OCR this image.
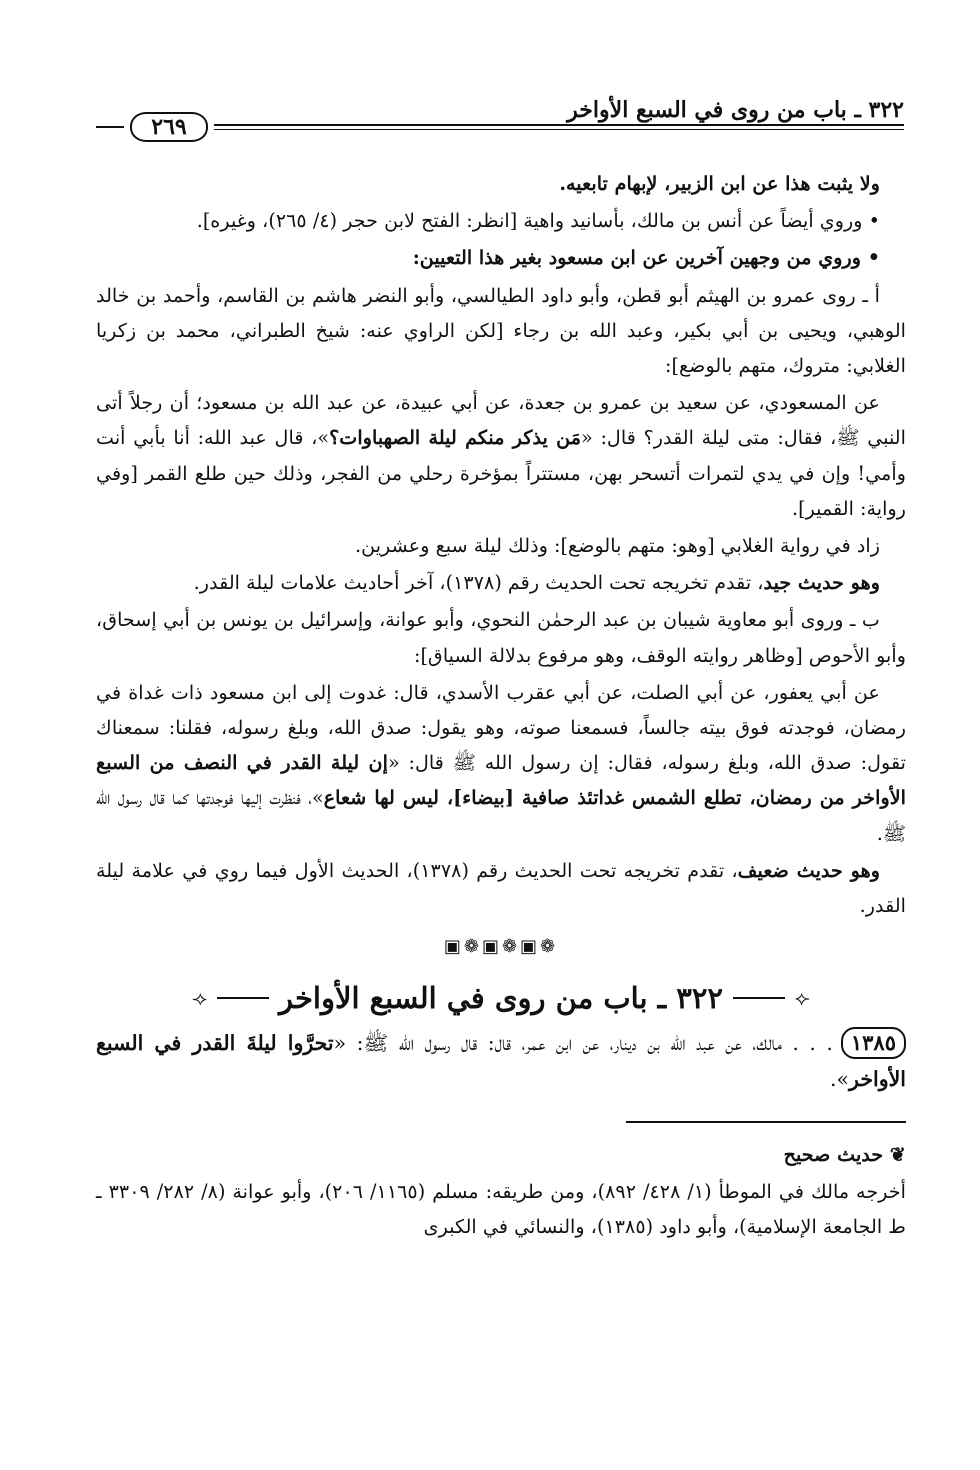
٣٢٢ ـ باب من روى في السبع الأواخر
٢٦٩

ولا يثبت هذا عن ابن الزبير، لإبهام تابعيه.

• وروي أيضاً عن أنس بن مالك، بأسانيد واهية [انظر: الفتح لابن حجر (٤/ ٢٦٥)، وغيره].

• وروي من وجهين آخرين عن ابن مسعود بغير هذا التعيين:

أ ـ روى عمرو بن الهيثم أبو قطن، وأبو داود الطيالسي، وأبو النضر هاشم بن القاسم، وأحمد بن خالد الوهبي، ويحيى بن أبي بكير، وعبد الله بن رجاء [لكن الراوي عنه: شيخ الطبراني، محمد بن زكريا الغلابي: متروك، متهم بالوضع]:

عن المسعودي، عن سعيد بن عمرو بن جعدة، عن أبي عبيدة، عن عبد الله بن مسعود؛ أن رجلاً أتى النبي ﷺ، فقال: متى ليلة القدر؟ قال: «مَن يذكر منكم ليلة الصهباوات؟»، قال عبد الله: أنا بأبي أنت وأمي! وإن في يدي لتمرات أتسحر بهن، مستتراً بمؤخرة رحلي من الفجر، وذلك حين طلع القمر [وفي رواية: القمير].

زاد في رواية الغلابي [وهو: متهم بالوضع]: وذلك ليلة سبع وعشرين.

وهو حديث جيد، تقدم تخريجه تحت الحديث رقم (١٣٧٨)، آخر أحاديث علامات ليلة القدر.

ب ـ وروى أبو معاوية شيبان بن عبد الرحمٰن النحوي، وأبو عوانة، وإسرائيل بن يونس بن أبي إسحاق، وأبو الأحوص [وظاهر روايته الوقف، وهو مرفوع بدلالة السياق]:

عن أبي يعفور، عن أبي الصلت، عن أبي عقرب الأسدي، قال: غدوت إلى ابن مسعود ذات غداة في رمضان، فوجدته فوق بيته جالساً، فسمعنا صوته، وهو يقول: صدق الله، وبلغ رسوله، فقلنا: سمعناك تقول: صدق الله، وبلغ رسوله، فقال: إن رسول الله ﷺ قال: «إن ليلة القدر في النصف من السبع الأواخر من رمضان، تطلع الشمس غداتئذ صافية [بيضاء]، ليس لها شعاع»، فنظرت إليها فوجدتها كما قال رسول الله ﷺ.

وهو حديث ضعيف، تقدم تخريجه تحت الحديث رقم (١٣٧٨)، الحديث الأول فيما روي في علامة ليلة القدر.

❁▣❁▣❁▣
⟢
٣٢٢ ـ باب من روى في السبع الأواخر
⟣

١٣٨٥. . . مالك، عن عبد الله بن دينار، عن ابن عمر، قال: قال رسول الله ﷺ: «تحرَّوا ليلةَ القدر في السبع الأواخر».

❦ حديث صحيح

أخرجه مالك في الموطأ (١/ ٤٢٨/ ٨٩٢)، ومن طريقه: مسلم (١١٦٥/ ٢٠٦)، وأبو عوانة (٨/ ٢٨٢/ ٣٣٠٩ ـ ط الجامعة الإسلامية)، وأبو داود (١٣٨٥)، والنسائي في الكبرى
